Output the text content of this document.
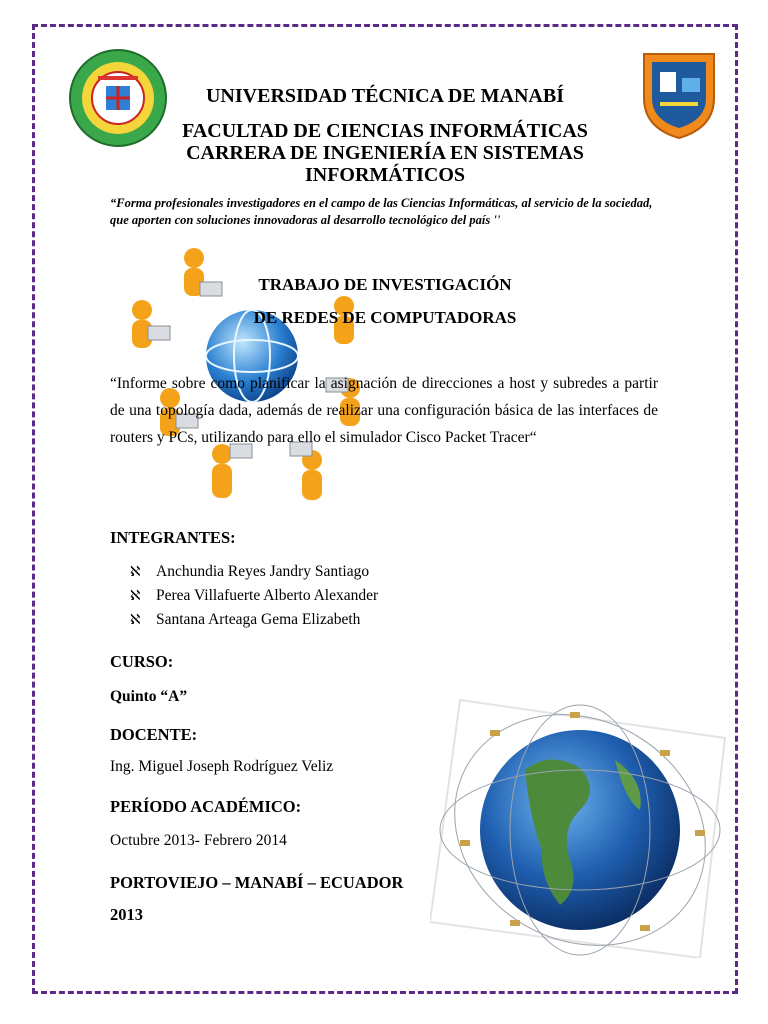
UNIVERSIDAD TÉCNICA DE MANABÍ
FACULTAD DE CIENCIAS INFORMÁTICAS
CARRERA DE INGENIERÍA EN SISTEMAS
INFORMÁTICOS
“Forma profesionales investigadores en el campo de las Ciencias Informáticas, al servicio de la sociedad, que aporten con soluciones innovadoras al desarrollo tecnológico del país ''
TRABAJO DE INVESTIGACIÓN
DE REDES DE COMPUTADORAS
“Informe sobre como planificar la asignación de direcciones a host y subredes a partir de una topología dada, además de realizar una configuración básica de las interfaces de routers y PCs, utilizando para ello el simulador Cisco Packet Tracer“
INTEGRANTES:
ℵ Anchundia Reyes Jandry Santiago
ℵ Perea Villafuerte Alberto Alexander
ℵ Santana Arteaga Gema Elizabeth
CURSO:
Quinto “A”
DOCENTE:
Ing. Miguel Joseph Rodríguez Veliz
PERÍODO ACADÉMICO:
Octubre 2013- Febrero 2014
PORTOVIEJO – MANABÍ – ECUADOR
2013
